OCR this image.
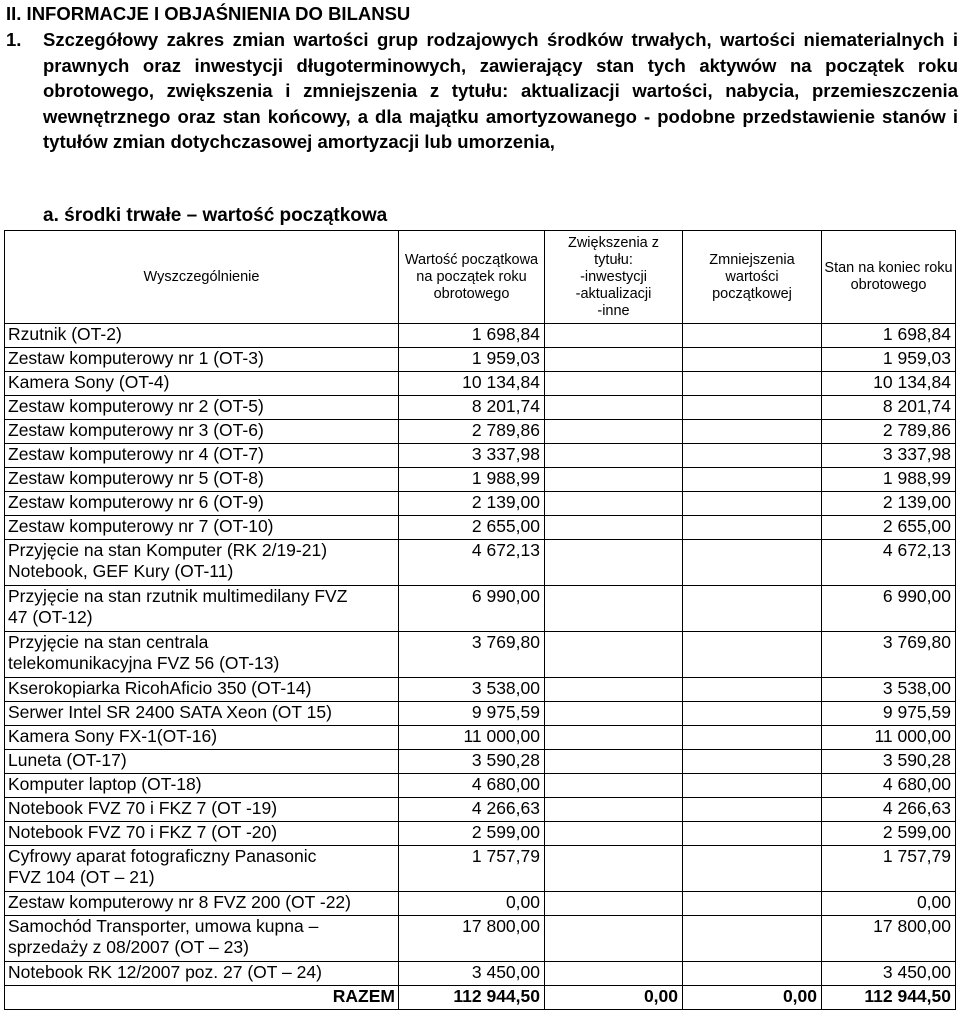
II. INFORMACJE I OBJAŚNIENIA DO BILANSU
1. Szczegółowy zakres zmian wartości grup rodzajowych środków trwałych, wartości niematerialnych i prawnych oraz inwestycji długoterminowych, zawierający stan tych aktywów na początek roku obrotowego, zwiększenia i zmniejszenia z tytułu: aktualizacji wartości, nabycia, przemieszczenia wewnętrznego oraz stan końcowy, a dla majątku amortyzowanego - podobne przedstawienie stanów i tytułów zmian dotychczasowej amortyzacji lub umorzenia,
a. środki trwałe – wartość początkowa
Wyszczególnienie	Wartość początkowa na początek roku obrotowego	Zwiększenia z
tytułu:
-inwestycji
-aktualizacji
-inne	Zmniejszenia wartości początkowej	Stan na koniec roku obrotowego

Rzutnik (OT-2)	1 698,84			1 698,84

Zestaw komputerowy nr 1 (OT-3)	1 959,03			1 959,03

Kamera Sony (OT-4)	10 134,84			10 134,84

Zestaw komputerowy nr 2 (OT-5)	8 201,74			8 201,74

Zestaw komputerowy nr 3 (OT-6)	2 789,86			2 789,86

Zestaw komputerowy nr 4 (OT-7)	3 337,98			3 337,98

Zestaw komputerowy nr 5 (OT-8)	1 988,99			1 988,99

Zestaw komputerowy nr 6 (OT-9)	2 139,00			2 139,00

Zestaw komputerowy nr 7 (OT-10)	2 655,00			2 655,00

Przyjęcie na stan Komputer (RK 2/19-21)
Notebook, GEF Kury (OT-11)	4 672,13			4 672,13

Przyjęcie na stan rzutnik multimedilany FVZ
47 (OT-12)	6 990,00			6 990,00

Przyjęcie na stan centrala
telekomunikacyjna FVZ 56 (OT-13)	3 769,80			3 769,80

Kserokopiarka RicohAficio 350 (OT-14)	3 538,00			3 538,00

Serwer Intel SR 2400 SATA Xeon (OT 15)	9 975,59			9 975,59

Kamera Sony FX-1(OT-16)	11 000,00			11 000,00

Luneta (OT-17)	3 590,28			3 590,28

Komputer laptop (OT-18)	4 680,00			4 680,00

Notebook FVZ 70 i FKZ 7 (OT -19)	4 266,63			4 266,63

Notebook FVZ 70 i FKZ 7 (OT -20)	2 599,00			2 599,00

Cyfrowy aparat fotograficzny Panasonic
FVZ 104 (OT – 21)	1 757,79			1 757,79

Zestaw komputerowy nr 8 FVZ 200 (OT -22)	0,00			0,00

Samochód Transporter, umowa kupna –
sprzedaży z 08/2007 (OT – 23)	17 800,00			17 800,00

Notebook RK 12/2007 poz. 27 (OT – 24)	3 450,00			3 450,00
RAZEM	112 944,50	0,00	0,00	112 944,50
